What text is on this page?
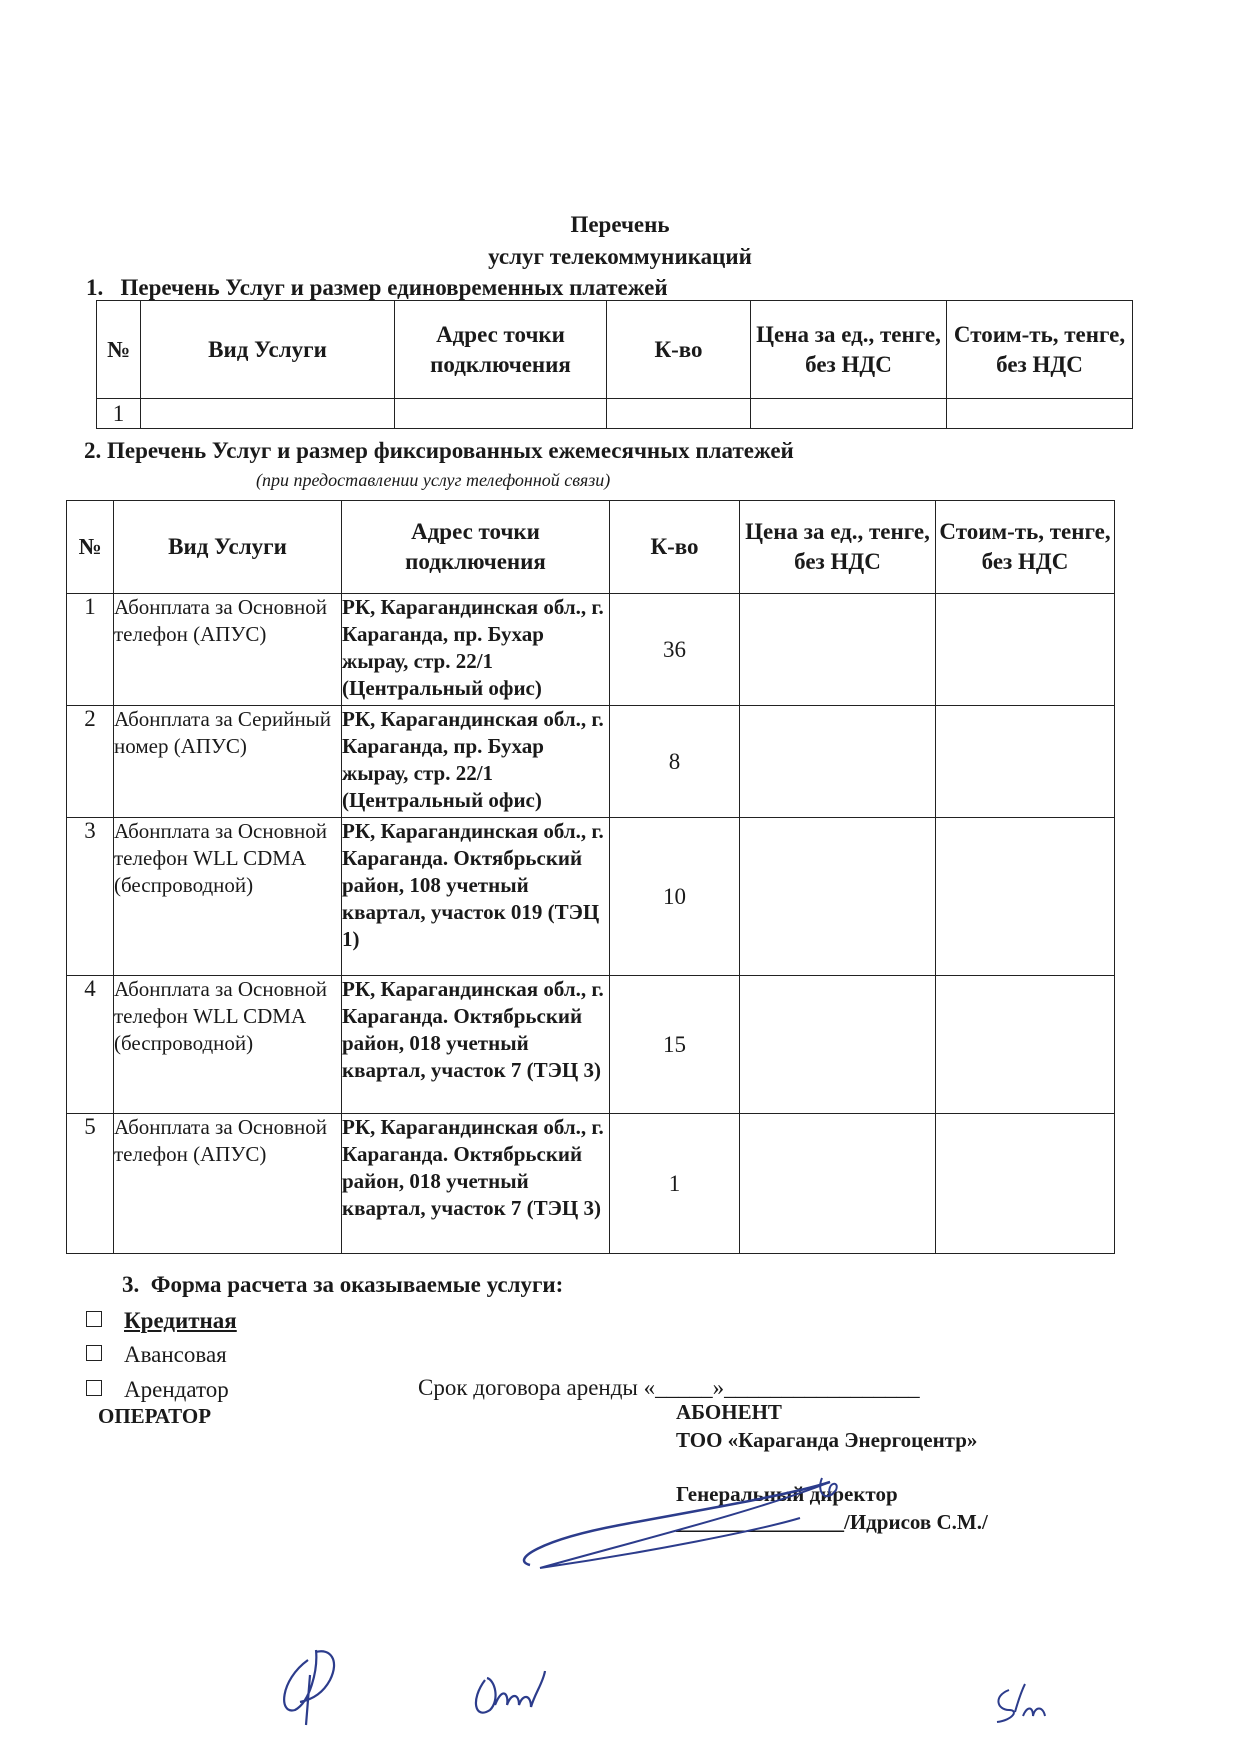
Перечень
услуг телекоммуникаций
1.   Перечень Услуг и размер единовременных платежей
№	Вид Услуги	Адрес точки подключения	К-во	Цена за ед., тенге, без НДС	Стоим-ть, тенге, без НДС
1					
2. Перечень Услуг и размер фиксированных ежемесячных платежей
(при предоставлении услуг телефонной связи)
№	Вид Услуги	Адрес точки подключения	К-во	Цена за ед., тенге, без НДС	Стоим-ть, тенге, без НДС
1	Абонплата за Основной телефон (АПУС)	РК, Карагандинская обл., г. Караганда, пр. Бухар жырау, стр. 22/1 (Центральный офис)	36		
2	Абонплата за Серийный номер (АПУС)	РК, Карагандинская обл., г. Караганда, пр. Бухар жырау, стр. 22/1 (Центральный офис)	8		
3	Абонплата за Основной телефон WLL CDMA (беспроводной)	РК, Карагандинская обл., г. Караганда. Октябрьский район, 108 учетный квартал, участок 019 (ТЭЦ 1)	10		
4	Абонплата за Основной телефон WLL CDMA (беспроводной)	РК, Карагандинская обл., г. Караганда. Октябрьский район, 018 учетный квартал, участок 7 (ТЭЦ 3)	15		
5	Абонплата за Основной телефон (АПУС)	РК, Карагандинская обл., г. Караганда. Октябрьский район, 018 учетный квартал, участок 7 (ТЭЦ 3)	1		
3.  Форма расчета за оказываемые услуги:
Кредитная
Авансовая
Арендатор	Срок договора аренды «_____»_________________
ОПЕРАТОР	АБОНЕНТ
ТОО «Караганда Энергоцентр»
Генеральный директор
________________/Идрисов С.М./
